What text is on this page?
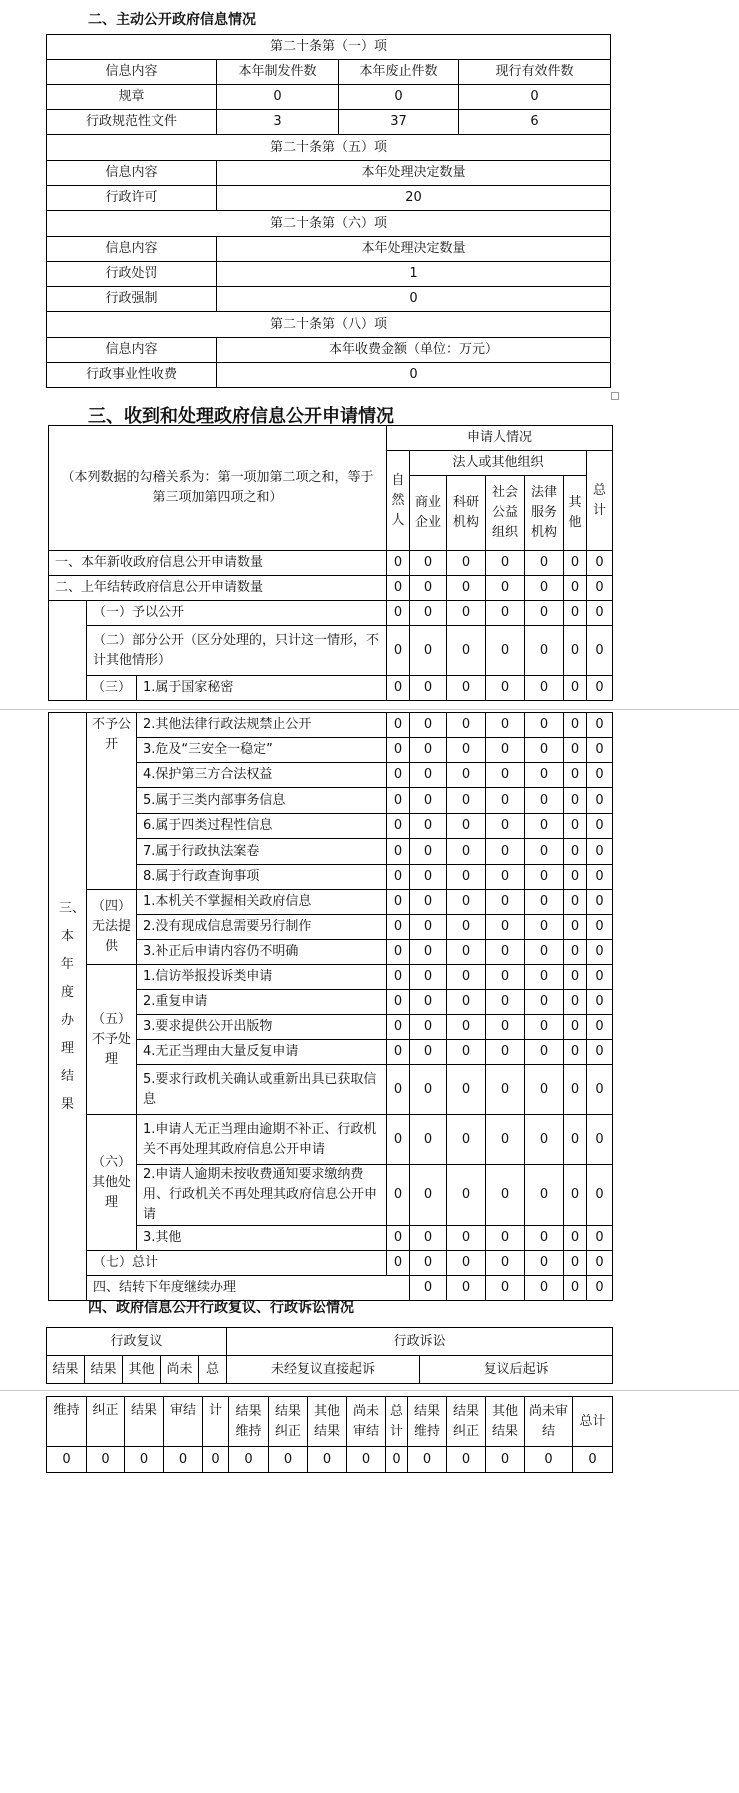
二、主动公开政府信息情况
第二十条第（一）项			
信息内容	本年制发件数	本年废止件数	现行有效件数
规章	0	0	0
行政规范性文件	3	37	6
第二十条第（五）项			
信息内容	本年处理决定数量		
行政许可	20		
第二十条第（六）项			
信息内容	本年处理决定数量		
行政处罚	1		
行政强制	0		
第二十条第（八）项			
信息内容	本年收费金额（单位：万元）		
行政事业性收费	0		
三、收到和处理政府信息公开申请情况
（本列数据的勾稽关系为：第一项加第二项之和，等于第三项加第四项之和）			申请人情况						
			自然人	法人或其他组织					总计
				商业企业	科研机构	社会公益组织	法律服务机构	其他	
一、本年新收政府信息公开申请数量			0	0	0	0	0	0	0
二、上年结转政府信息公开申请数量			0	0	0	0	0	0	0
	（一）予以公开		0	0	0	0	0	0	0
	（二）部分公开（区分处理的，只计这一情形，不计其他情形）		0	0	0	0	0	0	0
	（三）	1.属于国家秘密	0	0	0	0	0	0	0
三、本年度办理结果	不予公开	2.其他法律行政法规禁止公开	0	0	0	0	0	0	0	
		3.危及“三安全一稳定”	0	0	0	0	0	0	0	
		4.保护第三方合法权益	0	0	0	0	0	0	0	
		5.属于三类内部事务信息	0	0	0	0	0	0	0	
		6.属于四类过程性信息	0	0	0	0	0	0	0	
		7.属于行政执法案卷	0	0	0	0	0	0	0	
		8.属于行政查询事项	0	0	0	0	0	0	0	
	（四）无法提供	1.本机关不掌握相关政府信息	0	0	0	0	0	0	0	
		2.没有现成信息需要另行制作	0	0	0	0	0	0	0	
		3.补正后申请内容仍不明确	0	0	0	0	0	0	0	
	（五）不予处理	1.信访举报投诉类申请	0	0	0	0	0	0	0	
		2.重复申请	0	0	0	0	0	0	0	
		3.要求提供公开出版物	0	0	0	0	0	0	0	
		4.无正当理由大量反复申请	0	0	0	0	0	0	0	
		5.要求行政机关确认或重新出具已获取信息	0	0	0	0	0	0	0	
	（六）其他处理	1.申请人无正当理由逾期不补正、行政机关不再处理其政府信息公开申请	0	0	0	0	0	0	0	
		2.申请人逾期未按收费通知要求缴纳费用、行政机关不再处理其政府信息公开申请	0	0	0	0	0	0	0	
		3.其他	0	0	0	0	0	0	0	
	（七）总计		0	0	0	0	0	0	0	
	四、结转下年度继续办理			0	0	0	0	0	0	
四、政府信息公开行政复议、行政诉讼情况
行政复议					行政诉讼	
结果	结果	其他	尚未	总	未经复议直接起诉	复议后起诉
维持	纠正	结果	审结	计	结果维持	结果纠正	其他结果	尚未审结	总计	结果维持	结果纠正	其他结果	尚未审结	总计
0	0	0	0	0	0	0	0	0	0	0	0	0	0	0
